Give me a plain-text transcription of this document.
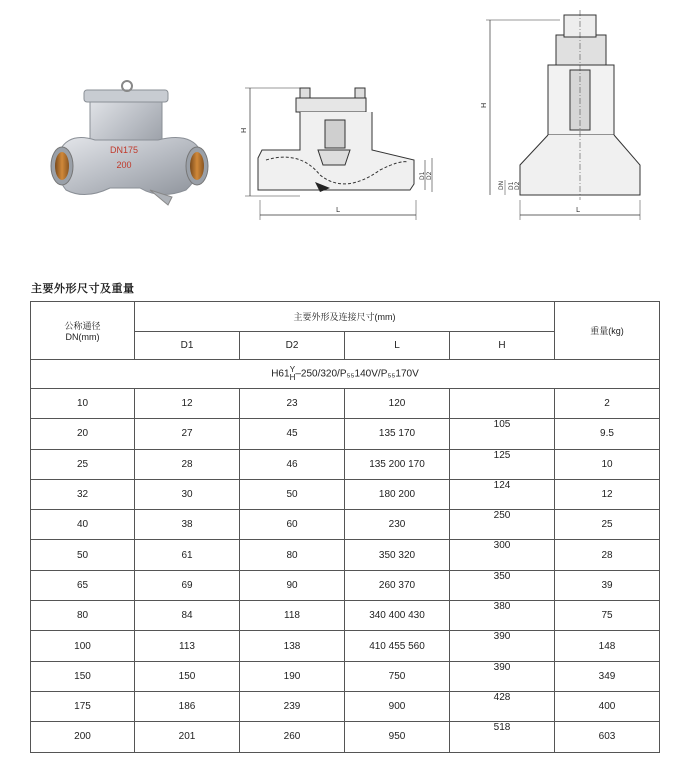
DN175
200
H
L
D1 D2
H
DN D1 D2
L
主要外形尺寸及重量
公称通径
DN(mm)	主要外形及连接尺寸(mm)				重量(kg)
	D1	D2	L	H	
H61 Y
H –250/320/P₅₅140V/P₅₅170V					
10	12	23	120		2
20	27	45	135 170	105	9.5
25	28	46	135 200 170	125	10
32	30	50	180 200	124	12
40	38	60	230	250	25
50	61	80	350 320	300	28
65	69	90	260 370	350	39
80	84	118	340 400 430	380	75
100	113	138	410 455 560	390	148
150	150	190	750	390	349
175	186	239	900	428	400
200	201	260	950	518	603
